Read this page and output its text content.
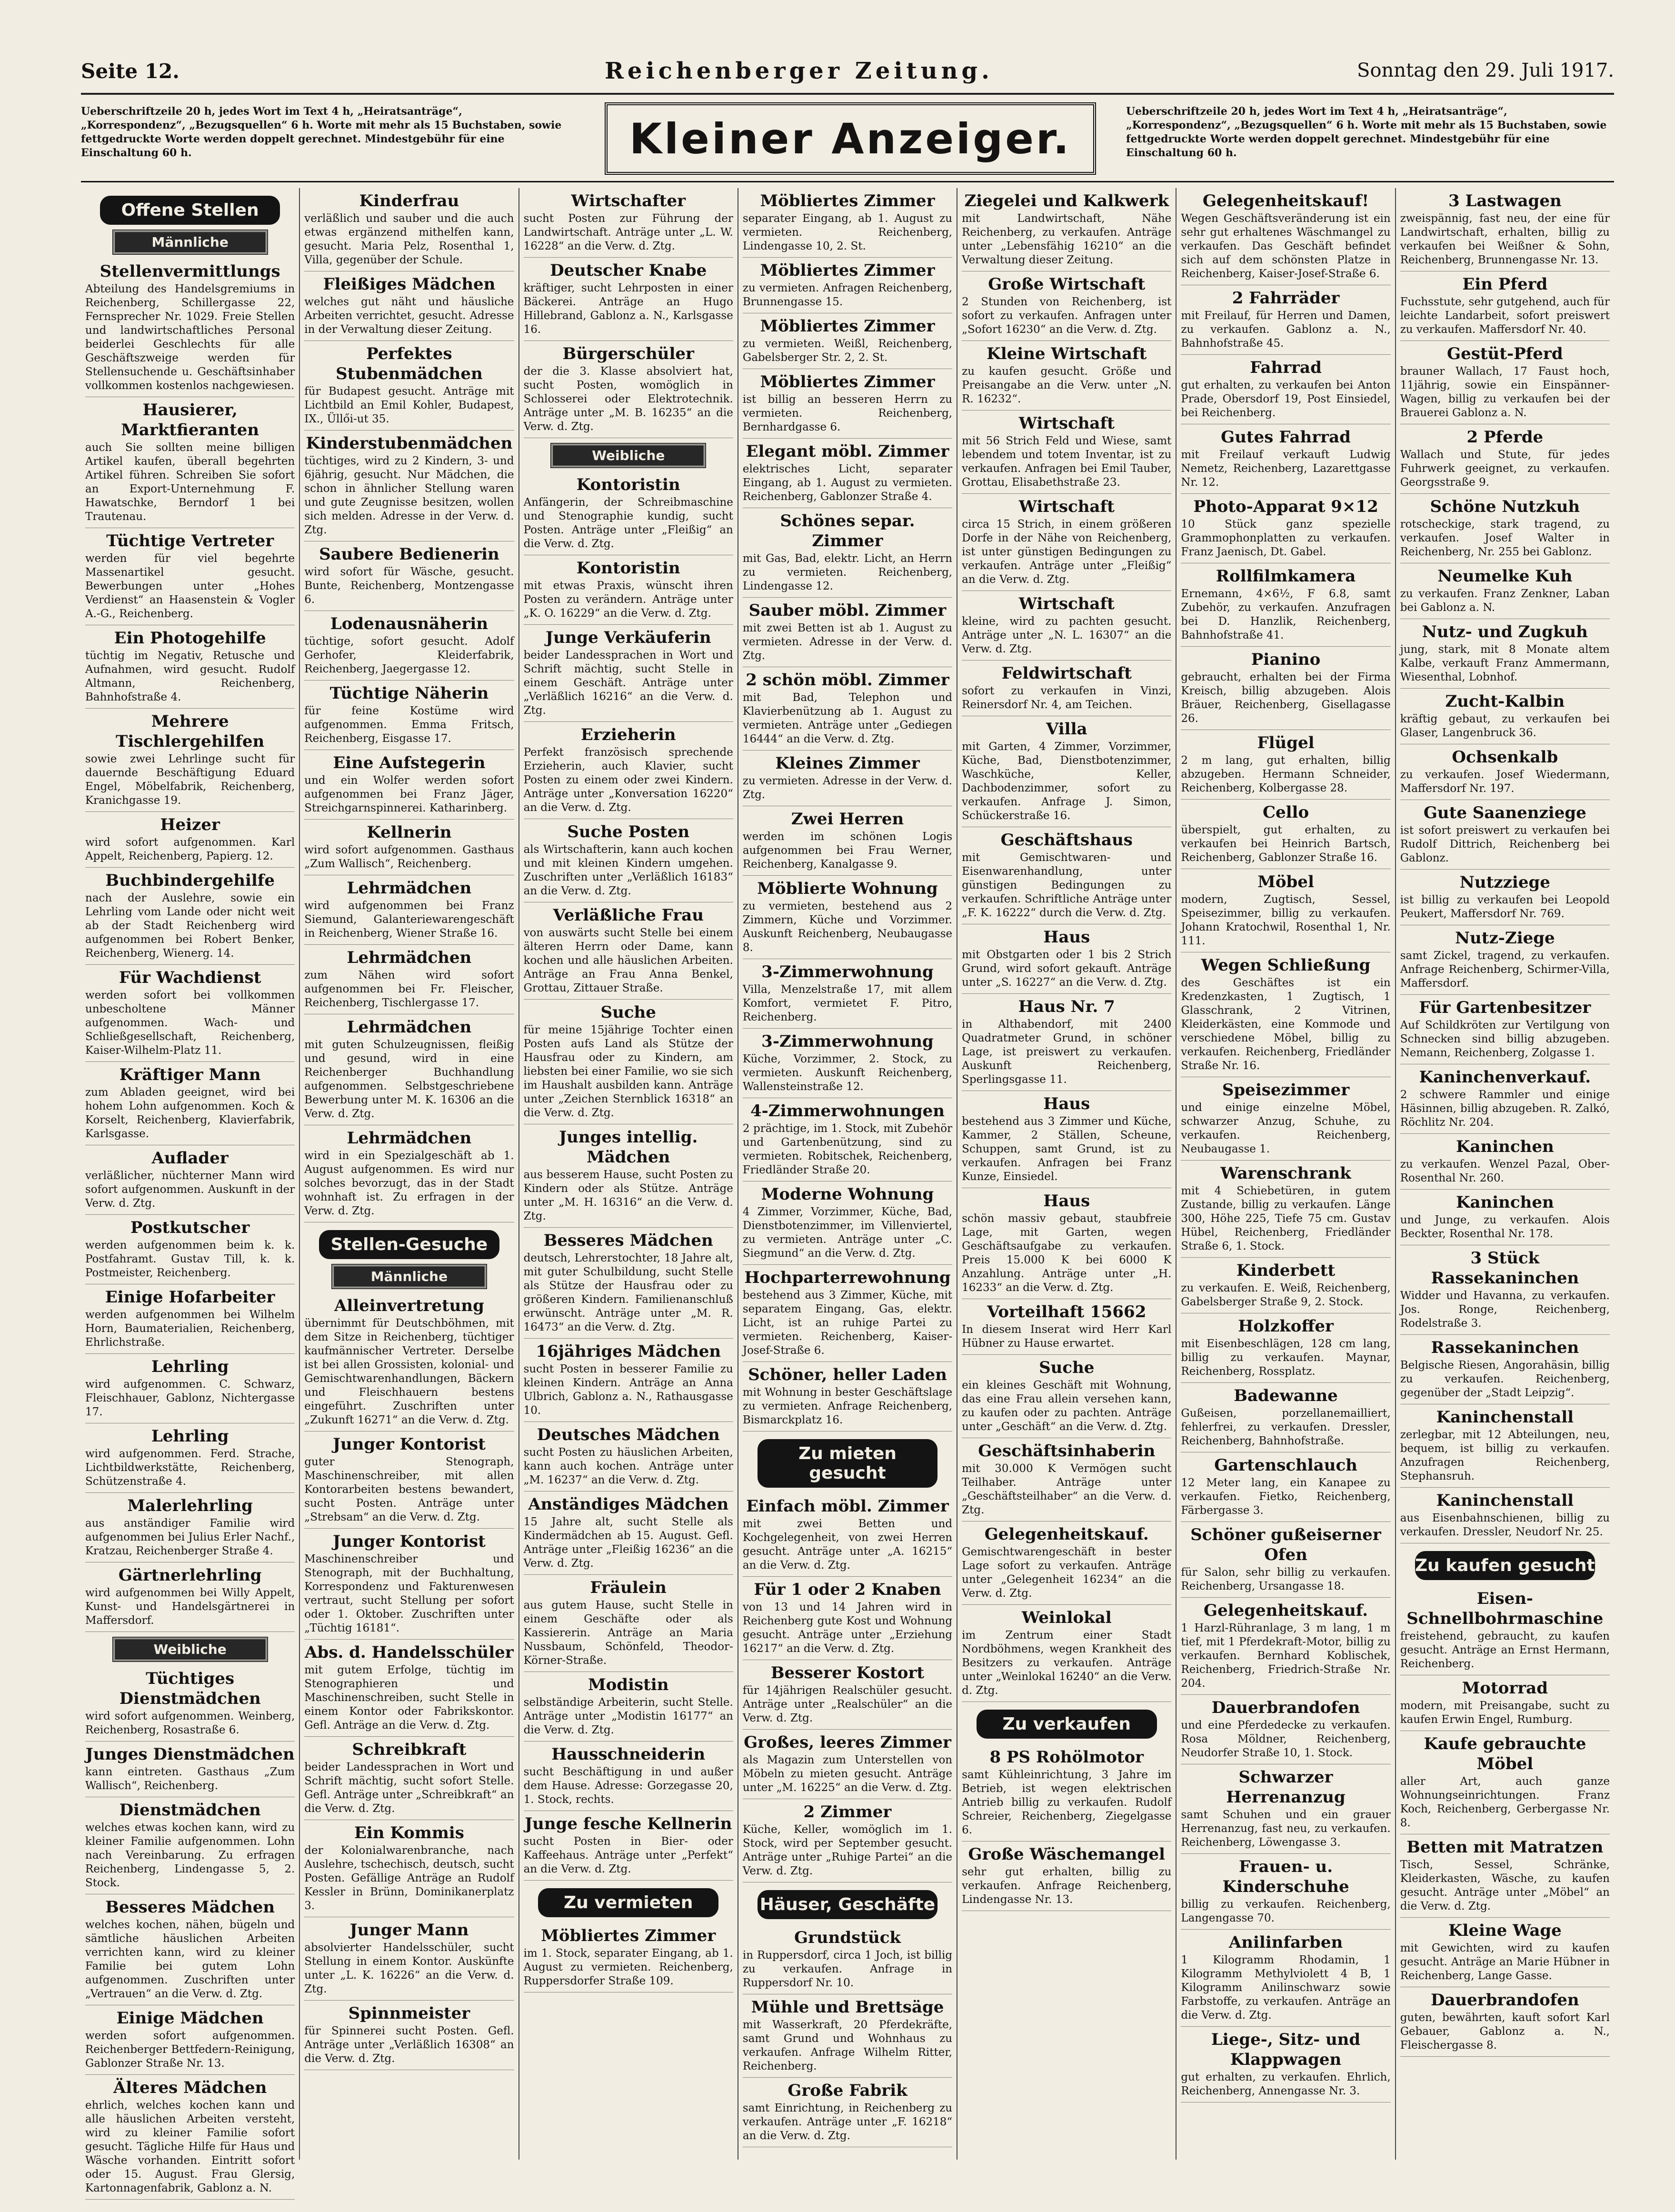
Seite 12.	Reichenberger Zeitung.	Sonntag den 29. Juli 1917.
Ueberschriftzeile 20 h, jedes Wort im Text 4 h, „Heiratsanträge“, „Korrespondenz“, „Bezugsquellen“ 6 h. Worte mit mehr als 15 Buchstaben, sowie fettgedruckte Worte werden doppelt gerechnet. Mindestgebühr für eine Einschaltung 60 h.	Kleiner Anzeiger.
Ueberschriftzeile 20 h, jedes Wort im Text 4 h, „Heiratsanträge“, „Korrespondenz“, „Bezugsquellen“ 6 h. Worte mit mehr als 15 Buchstaben, sowie fettgedruckte Worte werden doppelt gerechnet. Mindestgebühr für eine Einschaltung 60 h.
Offene Stellen
Männliche
Stellenvermittlungs

Abteilung des Handelsgremiums in Reichenberg, Schillergasse 22, Fernsprecher Nr. 1029. Freie Stellen und landwirtschaftliches Personal beiderlei Geschlechts für alle Geschäftszweige werden für Stellensuchende u. Geschäftsinhaber vollkommen kostenlos nachgewiesen.

Hausierer, Marktfieranten

auch Sie sollten meine billigen Artikel kaufen, überall begehrten Artikel führen. Schreiben Sie sofort an Export-Unternehmung F. Hawatschke, Berndorf 1 bei Trautenau.

Tüchtige Vertreter

werden für viel begehrte Massenartikel gesucht. Bewerbungen unter „Hohes Verdienst“ an Haasenstein & Vogler A.-G., Reichenberg.

Ein Photogehilfe

tüchtig im Negativ, Retusche und Aufnahmen, wird gesucht. Rudolf Altmann, Reichenberg, Bahnhofstraße 4.

Mehrere Tischlergehilfen

sowie zwei Lehrlinge sucht für dauernde Beschäftigung Eduard Engel, Möbelfabrik, Reichenberg, Kranichgasse 19.

Heizer

wird sofort aufgenommen. Karl Appelt, Reichenberg, Papierg. 12.

Buchbindergehilfe

nach der Auslehre, sowie ein Lehrling vom Lande oder nicht weit ab der Stadt Reichenberg wird aufgenommen bei Robert Benker, Reichenberg, Wienerg. 14.

Für Wachdienst

werden sofort bei vollkommen unbescholtene Männer aufgenommen. Wach- und Schließgesellschaft, Reichenberg, Kaiser-Wilhelm-Platz 11.

Kräftiger Mann

zum Abladen geeignet, wird bei hohem Lohn aufgenommen. Koch & Korselt, Reichenberg, Klavierfabrik, Karlsgasse.

Auflader

verläßlicher, nüchterner Mann wird sofort aufgenommen. Auskunft in der Verw. d. Ztg.

Postkutscher

werden aufgenommen beim k. k. Postfahramt. Gustav Till, k. k. Postmeister, Reichenberg.

Einige Hofarbeiter

werden aufgenommen bei Wilhelm Horn, Baumaterialien, Reichenberg, Ehrlichstraße.

Lehrling

wird aufgenommen. C. Schwarz, Fleischhauer, Gablonz, Nichtergasse 17.

Lehrling

wird aufgenommen. Ferd. Strache, Lichtbildwerkstätte, Reichenberg, Schützenstraße 4.

Malerlehrling

aus anständiger Familie wird aufgenommen bei Julius Erler Nachf., Kratzau, Reichenberger Straße 4.

Gärtnerlehrling

wird aufgenommen bei Willy Appelt, Kunst- und Handelsgärtnerei in Maffersdorf.

Weibliche
Tüchtiges Dienstmädchen

wird sofort aufgenommen. Weinberg, Reichenberg, Rosastraße 6.

Junges Dienstmädchen

kann eintreten. Gasthaus „Zum Wallisch“, Reichenberg.

Dienstmädchen

welches etwas kochen kann, wird zu kleiner Familie aufgenommen. Lohn nach Vereinbarung. Zu erfragen Reichenberg, Lindengasse 5, 2. Stock.

Besseres Mädchen

welches kochen, nähen, bügeln und sämtliche häuslichen Arbeiten verrichten kann, wird zu kleiner Familie bei gutem Lohn aufgenommen. Zuschriften unter „Vertrauen“ an die Verw. d. Ztg.

Einige Mädchen

werden sofort aufgenommen. Reichenberger Bettfedern-Reinigung, Gablonzer Straße Nr. 13.

Älteres Mädchen

ehrlich, welches kochen kann und alle häuslichen Arbeiten versteht, wird zu kleiner Familie sofort gesucht. Tägliche Hilfe für Haus und Wäsche vorhanden. Eintritt sofort oder 15. August. Frau Glersig, Kartonnagenfabrik, Gablonz a. N.

Kinderfrau

verläßlich und sauber und die auch etwas ergänzend mithelfen kann, gesucht. Maria Pelz, Rosenthal 1, Villa, gegenüber der Schule.

Fleißiges Mädchen

welches gut näht und häusliche Arbeiten verrichtet, gesucht. Adresse in der Verwaltung dieser Zeitung.

Perfektes Stubenmädchen

für Budapest gesucht. Anträge mit Lichtbild an Emil Kohler, Budapest, IX., Üllői-ut 35.

Kinderstubenmädchen

tüchtiges, wird zu 2 Kindern, 3- und 6jährig, gesucht. Nur Mädchen, die schon in ähnlicher Stellung waren und gute Zeugnisse besitzen, wollen sich melden. Adresse in der Verw. d. Ztg.

Saubere Bedienerin

wird sofort für Wäsche, gesucht. Bunte, Reichenberg, Montzengasse 6.

Lodenausnäherin

tüchtige, sofort gesucht. Adolf Gerhofer, Kleiderfabrik, Reichenberg, Jaegergasse 12.

Tüchtige Näherin

für feine Kostüme wird aufgenommen. Emma Fritsch, Reichenberg, Eisgasse 17.

Eine Aufstegerin

und ein Wolfer werden sofort aufgenommen bei Franz Jäger, Streichgarnspinnerei. Katharinberg.

Kellnerin

wird sofort aufgenommen. Gasthaus „Zum Wallisch“, Reichenberg.

Lehrmädchen

wird aufgenommen bei Franz Siemund, Galanteriewarengeschäft in Reichenberg, Wiener Straße 16.

Lehrmädchen

zum Nähen wird sofort aufgenommen bei Fr. Fleischer, Reichenberg, Tischlergasse 17.

Lehrmädchen

mit guten Schulzeugnissen, fleißig und gesund, wird in eine Reichenberger Buchhandlung aufgenommen. Selbstgeschriebene Bewerbung unter M. K. 16306 an die Verw. d. Ztg.

Lehrmädchen

wird in ein Spezialgeschäft ab 1. August aufgenommen. Es wird nur solches bevorzugt, das in der Stadt wohnhaft ist. Zu erfragen in der Verw. d. Ztg.

Stellen-Gesuche
Männliche
Alleinvertretung

übernimmt für Deutschböhmen, mit dem Sitze in Reichenberg, tüchtiger kaufmännischer Vertreter. Derselbe ist bei allen Grossisten, kolonial- und Gemischtwarenhandlungen, Bäckern und Fleischhauern bestens eingeführt. Zuschriften unter „Zukunft 16271“ an die Verw. d. Ztg.

Junger Kontorist

guter Stenograph, Maschinenschreiber, mit allen Kontorarbeiten bestens bewandert, sucht Posten. Anträge unter „Strebsam“ an die Verw. d. Ztg.

Junger Kontorist

Maschinenschreiber und Stenograph, mit der Buchhaltung, Korrespondenz und Fakturenwesen vertraut, sucht Stellung per sofort oder 1. Oktober. Zuschriften unter „Tüchtig 16181“.

Abs. d. Handelsschüler

mit gutem Erfolge, tüchtig im Stenographieren und Maschinenschreiben, sucht Stelle in einem Kontor oder Fabrikskontor. Gefl. Anträge an die Verw. d. Ztg.

Schreibkraft

beider Landessprachen in Wort und Schrift mächtig, sucht sofort Stelle. Gefl. Anträge unter „Schreibkraft“ an die Verw. d. Ztg.

Ein Kommis

der Kolonialwarenbranche, nach Auslehre, tschechisch, deutsch, sucht Posten. Gefällige Anträge an Rudolf Kessler in Brünn, Dominikanerplatz 3.

Junger Mann

absolvierter Handelsschüler, sucht Stellung in einem Kontor. Auskünfte unter „L. K. 16226“ an die Verw. d. Ztg.

Spinnmeister

für Spinnerei sucht Posten. Gefl. Anträge unter „Verläßlich 16308“ an die Verw. d. Ztg.

Wirtschafter

sucht Posten zur Führung der Landwirtschaft. Anträge unter „L. W. 16228“ an die Verw. d. Ztg.

Deutscher Knabe

kräftiger, sucht Lehrposten in einer Bäckerei. Anträge an Hugo Hillebrand, Gablonz a. N., Karlsgasse 16.

Bürgerschüler

der die 3. Klasse absolviert hat, sucht Posten, womöglich in Schlosserei oder Elektrotechnik. Anträge unter „M. B. 16235“ an die Verw. d. Ztg.

Weibliche
Kontoristin

Anfängerin, der Schreibmaschine und Stenographie kundig, sucht Posten. Anträge unter „Fleißig“ an die Verw. d. Ztg.

Kontoristin

mit etwas Praxis, wünscht ihren Posten zu verändern. Anträge unter „K. O. 16229“ an die Verw. d. Ztg.

Junge Verkäuferin

beider Landessprachen in Wort und Schrift mächtig, sucht Stelle in einem Geschäft. Anträge unter „Verläßlich 16216“ an die Verw. d. Ztg.

Erzieherin

Perfekt französisch sprechende Erzieherin, auch Klavier, sucht Posten zu einem oder zwei Kindern. Anträge unter „Konversation 16220“ an die Verw. d. Ztg.

Suche Posten

als Wirtschafterin, kann auch kochen und mit kleinen Kindern umgehen. Zuschriften unter „Verläßlich 16183“ an die Verw. d. Ztg.

Verläßliche Frau

von auswärts sucht Stelle bei einem älteren Herrn oder Dame, kann kochen und alle häuslichen Arbeiten. Anträge an Frau Anna Benkel, Grottau, Zittauer Straße.

Suche

für meine 15jährige Tochter einen Posten aufs Land als Stütze der Hausfrau oder zu Kindern, am liebsten bei einer Familie, wo sie sich im Haushalt ausbilden kann. Anträge unter „Zeichen Sternblick 16318“ an die Verw. d. Ztg.

Junges intellig. Mädchen

aus besserem Hause, sucht Posten zu Kindern oder als Stütze. Anträge unter „M. H. 16316“ an die Verw. d. Ztg.

Besseres Mädchen

deutsch, Lehrerstochter, 18 Jahre alt, mit guter Schulbildung, sucht Stelle als Stütze der Hausfrau oder zu größeren Kindern. Familienanschluß erwünscht. Anträge unter „M. R. 16473“ an die Verw. d. Ztg.

16jähriges Mädchen

sucht Posten in besserer Familie zu kleinen Kindern. Anträge an Anna Ulbrich, Gablonz a. N., Rathausgasse 10.

Deutsches Mädchen

sucht Posten zu häuslichen Arbeiten, kann auch kochen. Anträge unter „M. 16237“ an die Verw. d. Ztg.

Anständiges Mädchen

15 Jahre alt, sucht Stelle als Kindermädchen ab 15. August. Gefl. Anträge unter „Fleißig 16236“ an die Verw. d. Ztg.

Fräulein

aus gutem Hause, sucht Stelle in einem Geschäfte oder als Kassiererin. Anträge an Maria Nussbaum, Schönfeld, Theodor-Körner-Straße.

Modistin

selbständige Arbeiterin, sucht Stelle. Anträge unter „Modistin 16177“ an die Verw. d. Ztg.

Hausschneiderin

sucht Beschäftigung in und außer dem Hause. Adresse: Gorzegasse 20, 1. Stock, rechts.

Junge fesche Kellnerin

sucht Posten in Bier- oder Kaffeehaus. Anträge unter „Perfekt“ an die Verw. d. Ztg.

Zu vermieten
Möbliertes Zimmer

im 1. Stock, separater Eingang, ab 1. August zu vermieten. Reichenberg, Ruppersdorfer Straße 109.

Möbliertes Zimmer

separater Eingang, ab 1. August zu vermieten. Reichenberg, Lindengasse 10, 2. St.

Möbliertes Zimmer

zu vermieten. Anfragen Reichenberg, Brunnengasse 15.

Möbliertes Zimmer

zu vermieten. Weißl, Reichenberg, Gabelsberger Str. 2, 2. St.

Möbliertes Zimmer

ist billig an besseren Herrn zu vermieten. Reichenberg, Bernhardgasse 6.

Elegant möbl. Zimmer

elektrisches Licht, separater Eingang, ab 1. August zu vermieten. Reichenberg, Gablonzer Straße 4.

Schönes separ. Zimmer

mit Gas, Bad, elektr. Licht, an Herrn zu vermieten. Reichenberg, Lindengasse 12.

Sauber möbl. Zimmer

mit zwei Betten ist ab 1. August zu vermieten. Adresse in der Verw. d. Ztg.

2 schön möbl. Zimmer

mit Bad, Telephon und Klavierbenützung ab 1. August zu vermieten. Anträge unter „Gediegen 16444“ an die Verw. d. Ztg.

Kleines Zimmer

zu vermieten. Adresse in der Verw. d. Ztg.

Zwei Herren

werden im schönen Logis aufgenommen bei Frau Werner, Reichenberg, Kanalgasse 9.

Möblierte Wohnung

zu vermieten, bestehend aus 2 Zimmern, Küche und Vorzimmer. Auskunft Reichenberg, Neubaugasse 8.

3-Zimmerwohnung

Villa, Menzelstraße 17, mit allem Komfort, vermietet F. Pitro, Reichenberg.

3-Zimmerwohnung

Küche, Vorzimmer, 2. Stock, zu vermieten. Auskunft Reichenberg, Wallensteinstraße 12.

4-Zimmerwohnungen

2 prächtige, im 1. Stock, mit Zubehör und Gartenbenützung, sind zu vermieten. Robitschek, Reichenberg, Friedländer Straße 20.

Moderne Wohnung

4 Zimmer, Vorzimmer, Küche, Bad, Dienstbotenzimmer, im Villenviertel, zu vermieten. Anträge unter „C. Siegmund“ an die Verw. d. Ztg.

Hochparterrewohnung

bestehend aus 3 Zimmer, Küche, mit separatem Eingang, Gas, elektr. Licht, ist an ruhige Partei zu vermieten. Reichenberg, Kaiser-Josef-Straße 6.

Schöner, heller Laden

mit Wohnung in bester Geschäftslage zu vermieten. Anfrage Reichenberg, Bismarckplatz 16.

Zu mieten gesucht
Einfach möbl. Zimmer

mit zwei Betten und Kochgelegenheit, von zwei Herren gesucht. Anträge unter „A. 16215“ an die Verw. d. Ztg.

Für 1 oder 2 Knaben

von 13 und 14 Jahren wird in Reichenberg gute Kost und Wohnung gesucht. Anträge unter „Erziehung 16217“ an die Verw. d. Ztg.

Besserer Kostort

für 14jährigen Realschüler gesucht. Anträge unter „Realschüler“ an die Verw. d. Ztg.

Großes, leeres Zimmer

als Magazin zum Unterstellen von Möbeln zu mieten gesucht. Anträge unter „M. 16225“ an die Verw. d. Ztg.

2 Zimmer

Küche, Keller, womöglich im 1. Stock, wird per September gesucht. Anträge unter „Ruhige Partei“ an die Verw. d. Ztg.

Häuser, Geschäfte
Grundstück

in Ruppersdorf, circa 1 Joch, ist billig zu verkaufen. Anfrage in Ruppersdorf Nr. 10.

Mühle und Brettsäge

mit Wasserkraft, 20 Pferdekräfte, samt Grund und Wohnhaus zu verkaufen. Anfrage Wilhelm Ritter, Reichenberg.

Große Fabrik

samt Einrichtung, in Reichenberg zu verkaufen. Anträge unter „F. 16218“ an die Verw. d. Ztg.

Ziegelei und Kalkwerk

mit Landwirtschaft, Nähe Reichenberg, zu verkaufen. Anträge unter „Lebensfähig 16210“ an die Verwaltung dieser Zeitung.

Große Wirtschaft

2 Stunden von Reichenberg, ist sofort zu verkaufen. Anfragen unter „Sofort 16230“ an die Verw. d. Ztg.

Kleine Wirtschaft

zu kaufen gesucht. Größe und Preisangabe an die Verw. unter „N. R. 16232“.

Wirtschaft

mit 56 Strich Feld und Wiese, samt lebendem und totem Inventar, ist zu verkaufen. Anfragen bei Emil Tauber, Grottau, Elisabethstraße 23.

Wirtschaft

circa 15 Strich, in einem größeren Dorfe in der Nähe von Reichenberg, ist unter günstigen Bedingungen zu verkaufen. Anträge unter „Fleißig“ an die Verw. d. Ztg.

Wirtschaft

kleine, wird zu pachten gesucht. Anträge unter „N. L. 16307“ an die Verw. d. Ztg.

Feldwirtschaft

sofort zu verkaufen in Vinzi, Reinersdorf Nr. 4, am Teichen.

Villa

mit Garten, 4 Zimmer, Vorzimmer, Küche, Bad, Dienstbotenzimmer, Waschküche, Keller, Dachbodenzimmer, sofort zu verkaufen. Anfrage J. Simon, Schückerstraße 16.

Geschäftshaus

mit Gemischtwaren- und Eisenwarenhandlung, unter günstigen Bedingungen zu verkaufen. Schriftliche Anträge unter „F. K. 16222“ durch die Verw. d. Ztg.

Haus

mit Obstgarten oder 1 bis 2 Strich Grund, wird sofort gekauft. Anträge unter „S. 16227“ an die Verw. d. Ztg.

Haus Nr. 7

in Althabendorf, mit 2400 Quadratmeter Grund, in schöner Lage, ist preiswert zu verkaufen. Auskunft Reichenberg, Sperlingsgasse 11.

Haus

bestehend aus 3 Zimmer und Küche, Kammer, 2 Ställen, Scheune, Schuppen, samt Grund, ist zu verkaufen. Anfragen bei Franz Kunze, Einsiedel.

Haus

schön massiv gebaut, staubfreie Lage, mit Garten, wegen Geschäftsaufgabe zu verkaufen. Preis 15.000 K bei 6000 K Anzahlung. Anträge unter „H. 16233“ an die Verw. d. Ztg.

Vorteilhaft 15662

In diesem Inserat wird Herr Karl Hübner zu Hause erwartet.

Suche

ein kleines Geschäft mit Wohnung, das eine Frau allein versehen kann, zu kaufen oder zu pachten. Anträge unter „Geschäft“ an die Verw. d. Ztg.

Geschäftsinhaberin

mit 30.000 K Vermögen sucht Teilhaber. Anträge unter „Geschäftsteilhaber“ an die Verw. d. Ztg.

Gelegenheitskauf.

Gemischtwarengeschäft in bester Lage sofort zu verkaufen. Anträge unter „Gelegenheit 16234“ an die Verw. d. Ztg.

Weinlokal

im Zentrum einer Stadt Nordböhmens, wegen Krankheit des Besitzers zu verkaufen. Anträge unter „Weinlokal 16240“ an die Verw. d. Ztg.

Zu verkaufen
8 PS Rohölmotor

samt Kühleinrichtung, 3 Jahre im Betrieb, ist wegen elektrischen Antrieb billig zu verkaufen. Rudolf Schreier, Reichenberg, Ziegelgasse 6.

Große Wäschemangel

sehr gut erhalten, billig zu verkaufen. Anfrage Reichenberg, Lindengasse Nr. 13.

Gelegenheitskauf!

Wegen Geschäftsveränderung ist ein sehr gut erhaltenes Wäschmangel zu verkaufen. Das Geschäft befindet sich auf dem schönsten Platze in Reichenberg, Kaiser-Josef-Straße 6.

2 Fahrräder

mit Freilauf, für Herren und Damen, zu verkaufen. Gablonz a. N., Bahnhofstraße 45.

Fahrrad

gut erhalten, zu verkaufen bei Anton Prade, Obersdorf 19, Post Einsiedel, bei Reichenberg.

Gutes Fahrrad

mit Freilauf verkauft Ludwig Nemetz, Reichenberg, Lazarettgasse Nr. 12.

Photo-Apparat 9×12

10 Stück ganz spezielle Grammophonplatten zu verkaufen. Franz Jaenisch, Dt. Gabel.

Rollfilmkamera

Ernemann, 4×6½, F 6.8, samt Zubehör, zu verkaufen. Anzufragen bei D. Hanzlik, Reichenberg, Bahnhofstraße 41.

Pianino

gebraucht, erhalten bei der Firma Kreisch, billig abzugeben. Alois Bräuer, Reichenberg, Gisellagasse 26.

Flügel

2 m lang, gut erhalten, billig abzugeben. Hermann Schneider, Reichenberg, Kolbergasse 28.

Cello

überspielt, gut erhalten, zu verkaufen bei Heinrich Bartsch, Reichenberg, Gablonzer Straße 16.

Möbel

modern, Zugtisch, Sessel, Speisezimmer, billig zu verkaufen. Johann Kratochwil, Rosenthal 1, Nr. 111.

Wegen Schließung

des Geschäftes ist ein Kredenzkasten, 1 Zugtisch, 1 Glasschrank, 2 Vitrinen, Kleiderkästen, eine Kommode und verschiedene Möbel, billig zu verkaufen. Reichenberg, Friedländer Straße Nr. 16.

Speisezimmer

und einige einzelne Möbel, schwarzer Anzug, Schuhe, zu verkaufen. Reichenberg, Neubaugasse 1.

Warenschrank

mit 4 Schiebetüren, in gutem Zustande, billig zu verkaufen. Länge 300, Höhe 225, Tiefe 75 cm. Gustav Hübel, Reichenberg, Friedländer Straße 6, 1. Stock.

Kinderbett

zu verkaufen. E. Weiß, Reichenberg, Gabelsberger Straße 9, 2. Stock.

Holzkoffer

mit Eisenbeschlägen, 128 cm lang, billig zu verkaufen. Maynar, Reichenberg, Rossplatz.

Badewanne

Gußeisen, porzellanemailliert, fehlerfrei, zu verkaufen. Dressler, Reichenberg, Bahnhofstraße.

Gartenschlauch

12 Meter lang, ein Kanapee zu verkaufen. Fietko, Reichenberg, Färbergasse 3.

Schöner gußeiserner Ofen

für Salon, sehr billig zu verkaufen. Reichenberg, Ursangasse 18.

Gelegenheitskauf.

1 Harzl-Rühranlage, 3 m lang, 1 m tief, mit 1 Pferdekraft-Motor, billig zu verkaufen. Bernhard Koblischek, Reichenberg, Friedrich-Straße Nr. 204.

Dauerbrandofen

und eine Pferdedecke zu verkaufen. Rosa Möldner, Reichenberg, Neudorfer Straße 10, 1. Stock.

Schwarzer Herrenanzug

samt Schuhen und ein grauer Herrenanzug, fast neu, zu verkaufen. Reichenberg, Löwengasse 3.

Frauen- u. Kinderschuhe

billig zu verkaufen. Reichenberg, Langengasse 70.

Anilinfarben

1 Kilogramm Rhodamin, 1 Kilogramm Methylviolett 4 B, 1 Kilogramm Anilinschwarz sowie Farbstoffe, zu verkaufen. Anträge an die Verw. d. Ztg.

Liege-, Sitz- und Klappwagen

gut erhalten, zu verkaufen. Ehrlich, Reichenberg, Annengasse Nr. 3.

3 Lastwagen

zweispännig, fast neu, der eine für Landwirtschaft, erhalten, billig zu verkaufen bei Weißner & Sohn, Reichenberg, Brunnengasse Nr. 13.

Ein Pferd

Fuchsstute, sehr gutgehend, auch für leichte Landarbeit, sofort preiswert zu verkaufen. Maffersdorf Nr. 40.

Gestüt-Pferd

brauner Wallach, 17 Faust hoch, 11jährig, sowie ein Einspänner-Wagen, billig zu verkaufen bei der Brauerei Gablonz a. N.

2 Pferde

Wallach und Stute, für jedes Fuhrwerk geeignet, zu verkaufen. Georgsstraße 9.

Schöne Nutzkuh

rotscheckige, stark tragend, zu verkaufen. Josef Walter in Reichenberg, Nr. 255 bei Gablonz.

Neumelke Kuh

zu verkaufen. Franz Zenkner, Laban bei Gablonz a. N.

Nutz- und Zugkuh

jung, stark, mit 8 Monate altem Kalbe, verkauft Franz Ammermann, Wiesenthal, Lobnhof.

Zucht-Kalbin

kräftig gebaut, zu verkaufen bei Glaser, Langenbruck 36.

Ochsenkalb

zu verkaufen. Josef Wiedermann, Maffersdorf Nr. 197.

Gute Saanenziege

ist sofort preiswert zu verkaufen bei Rudolf Dittrich, Reichenberg bei Gablonz.

Nutzziege

ist billig zu verkaufen bei Leopold Peukert, Maffersdorf Nr. 769.

Nutz-Ziege

samt Zickel, tragend, zu verkaufen. Anfrage Reichenberg, Schirmer-Villa, Maffersdorf.

Für Gartenbesitzer

Auf Schildkröten zur Vertilgung von Schnecken sind billig abzugeben. Nemann, Reichenberg, Zolgasse 1.

Kaninchenverkauf.

2 schwere Rammler und einige Häsinnen, billig abzugeben. R. Zalkó, Röchlitz Nr. 204.

Kaninchen

zu verkaufen. Wenzel Pazal, Ober-Rosenthal Nr. 260.

Kaninchen

und Junge, zu verkaufen. Alois Beckter, Rosenthal Nr. 178.

3 Stück Rassekaninchen

Widder und Havanna, zu verkaufen. Jos. Ronge, Reichenberg, Rodelstraße 3.

Rassekaninchen

Belgische Riesen, Angorahäsin, billig zu verkaufen. Reichenberg, gegenüber der „Stadt Leipzig“.

Kaninchenstall

zerlegbar, mit 12 Abteilungen, neu, bequem, ist billig zu verkaufen. Anzufragen Reichenberg, Stephansruh.

Kaninchenstall

aus Eisenbahnschienen, billig zu verkaufen. Dressler, Neudorf Nr. 25.

Zu kaufen gesucht
Eisen-Schnellbohrmaschine

freistehend, gebraucht, zu kaufen gesucht. Anträge an Ernst Hermann, Reichenberg.

Motorrad

modern, mit Preisangabe, sucht zu kaufen Erwin Engel, Rumburg.

Kaufe gebrauchte Möbel

aller Art, auch ganze Wohnungseinrichtungen. Franz Koch, Reichenberg, Gerbergasse Nr. 8.

Betten mit Matratzen

Tisch, Sessel, Schränke, Kleiderkasten, Wäsche, zu kaufen gesucht. Anträge unter „Möbel“ an die Verw. d. Ztg.

Kleine Wage

mit Gewichten, wird zu kaufen gesucht. Anträge an Marie Hübner in Reichenberg, Lange Gasse.

Dauerbrandofen

guten, bewährten, kauft sofort Karl Gebauer, Gablonz a. N., Fleischergasse 8.
